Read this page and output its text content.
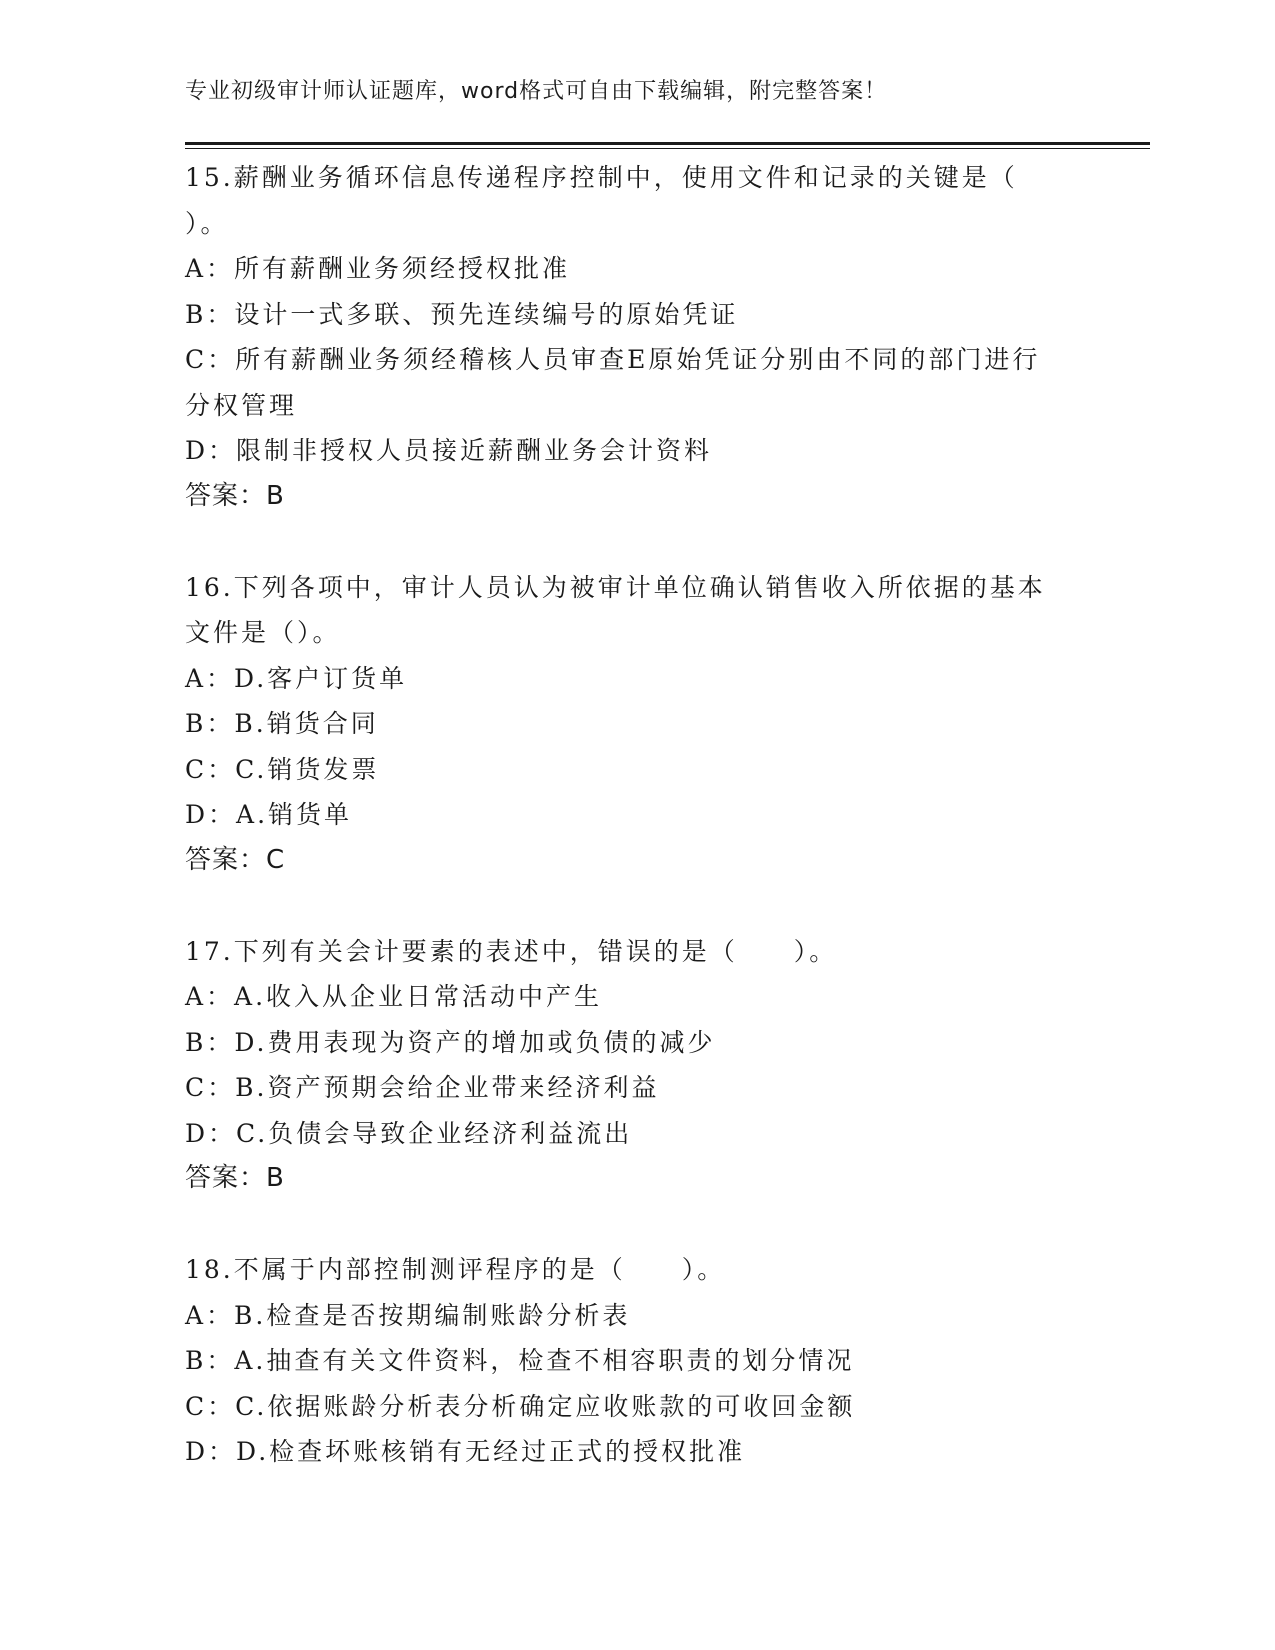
专业初级审计师认证题库，word格式可自由下载编辑，附完整答案！
15.薪酬业务循环信息传递程序控制中，使用文件和记录的关键是（
）。
A：所有薪酬业务须经授权批准
B：设计一式多联、预先连续编号的原始凭证
C：所有薪酬业务须经稽核人员审查E原始凭证分别由不同的部门进行
分权管理
D：限制非授权人员接近薪酬业务会计资料
答案：B
16.下列各项中，审计人员认为被审计单位确认销售收入所依据的基本
文件是（）。
A：D.客户订货单
B：B.销货合同
C：C.销货发票
D：A.销货单
答案：C
17.下列有关会计要素的表述中，错误的是（　　）。
A：A.收入从企业日常活动中产生
B：D.费用表现为资产的增加或负债的减少
C：B.资产预期会给企业带来经济利益
D：C.负债会导致企业经济利益流出
答案：B
18.不属于内部控制测评程序的是（　　）。
A：B.检查是否按期编制账龄分析表
B：A.抽查有关文件资料，检查不相容职责的划分情况
C：C.依据账龄分析表分析确定应收账款的可收回金额
D：D.检查坏账核销有无经过正式的授权批准
